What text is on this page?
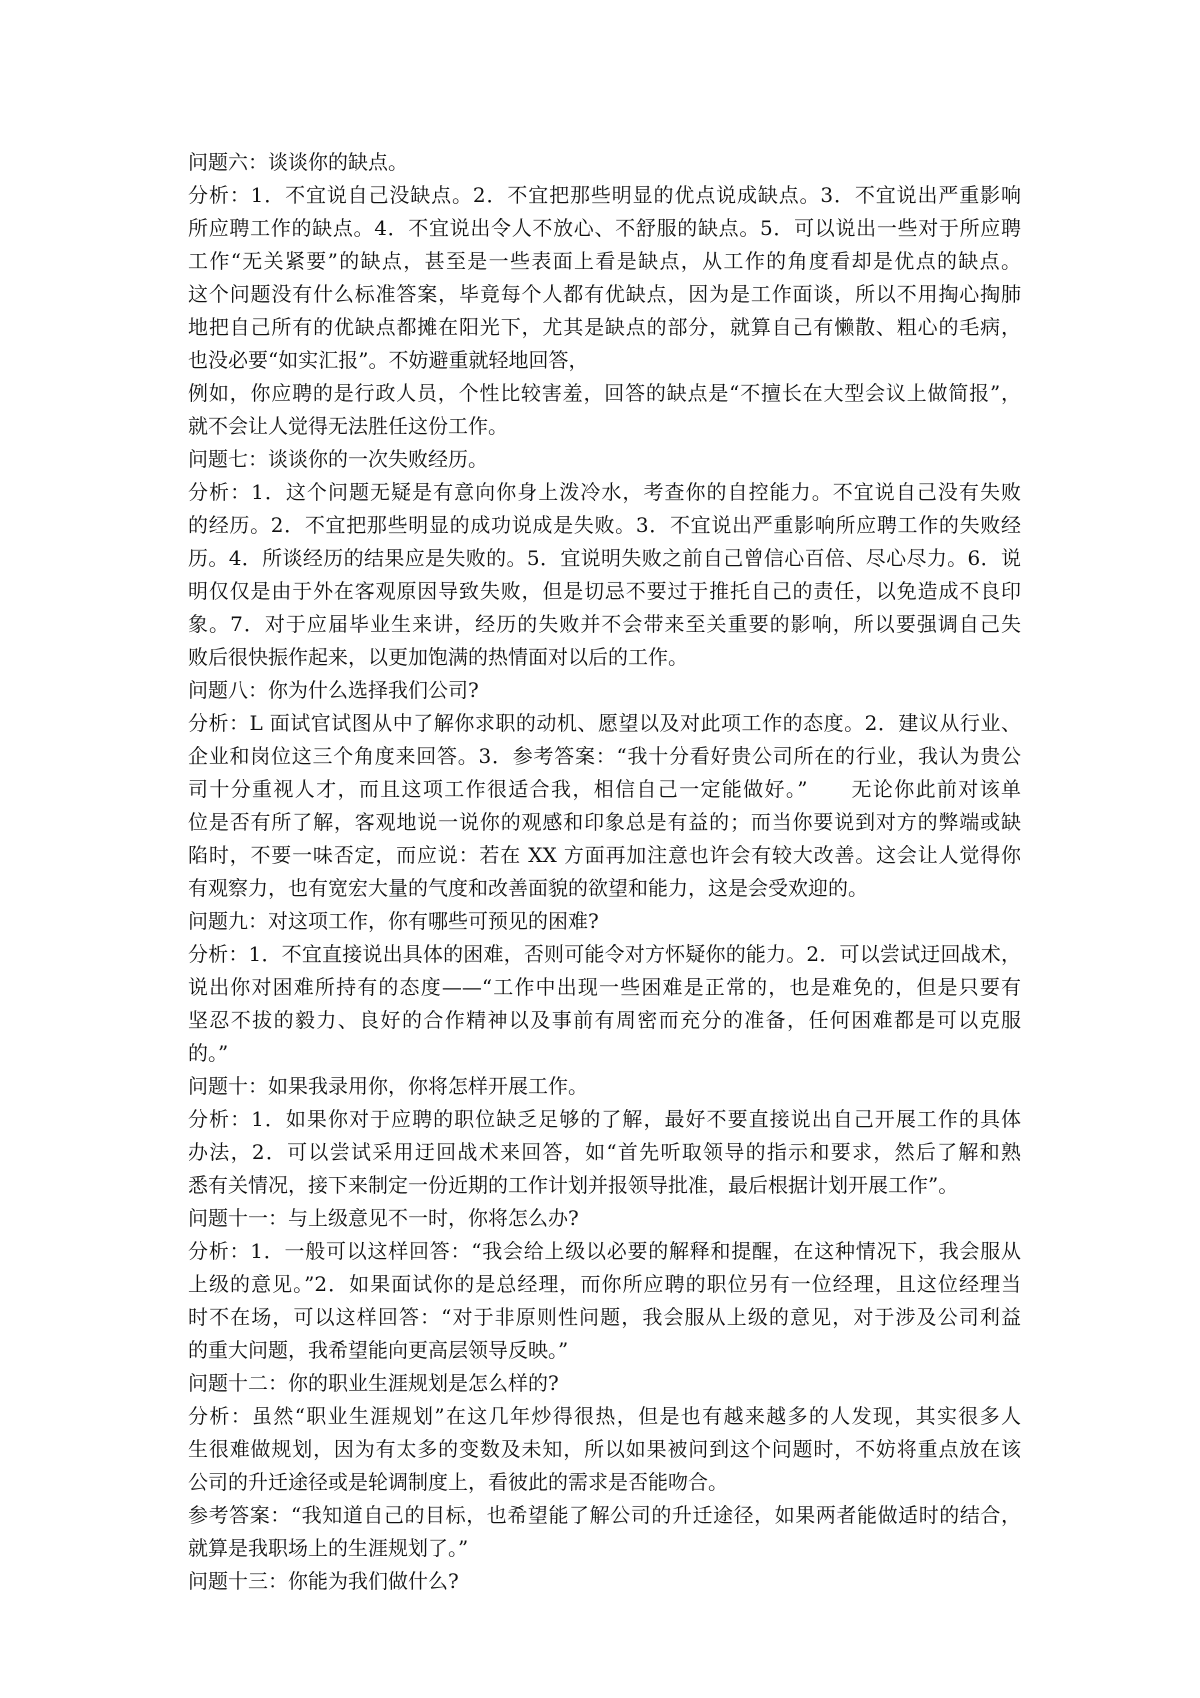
问题六：谈谈你的缺点。
分析：1．不宜说自己没缺点。2．不宜把那些明显的优点说成缺点。3．不宜说出严重影响
所应聘工作的缺点。4．不宜说出令人不放心、不舒服的缺点。5．可以说出一些对于所应聘
工作“无关紧要”的缺点，甚至是一些表面上看是缺点，从工作的角度看却是优点的缺点。
这个问题没有什么标准答案，毕竟每个人都有优缺点，因为是工作面谈，所以不用掏心掏肺
地把自己所有的优缺点都摊在阳光下，尤其是缺点的部分，就算自己有懒散、粗心的毛病，
也没必要“如实汇报”。不妨避重就轻地回答，
例如，你应聘的是行政人员，个性比较害羞，回答的缺点是“不擅长在大型会议上做简报”，
就不会让人觉得无法胜任这份工作。
问题七：谈谈你的一次失败经历。
分析：1．这个问题无疑是有意向你身上泼冷水，考查你的自控能力。不宜说自己没有失败
的经历。2．不宜把那些明显的成功说成是失败。3．不宜说出严重影响所应聘工作的失败经
历。4．所谈经历的结果应是失败的。5．宜说明失败之前自己曾信心百倍、尽心尽力。6．说
明仅仅是由于外在客观原因导致失败，但是切忌不要过于推托自己的责任，以免造成不良印
象。7．对于应届毕业生来讲，经历的失败并不会带来至关重要的影响，所以要强调自己失
败后很快振作起来，以更加饱满的热情面对以后的工作。
问题八：你为什么选择我们公司?
分析：L 面试官试图从中了解你求职的动机、愿望以及对此项工作的态度。2．建议从行业、
企业和岗位这三个角度来回答。3．参考答案：“我十分看好贵公司所在的行业，我认为贵公
司十分重视人才，而且这项工作很适合我，相信自己一定能做好。”　　无论你此前对该单
位是否有所了解，客观地说一说你的观感和印象总是有益的；而当你要说到对方的弊端或缺
陷时，不要一味否定，而应说：若在 XX 方面再加注意也许会有较大改善。这会让人觉得你
有观察力，也有宽宏大量的气度和改善面貌的欲望和能力，这是会受欢迎的。
问题九：对这项工作，你有哪些可预见的困难?
分析：1．不宜直接说出具体的困难，否则可能令对方怀疑你的能力。2．可以尝试迂回战术，
说出你对困难所持有的态度——“工作中出现一些困难是正常的，也是难免的，但是只要有
坚忍不拔的毅力、良好的合作精神以及事前有周密而充分的准备，任何困难都是可以克服
的。”
问题十：如果我录用你，你将怎样开展工作。
分析：1．如果你对于应聘的职位缺乏足够的了解，最好不要直接说出自己开展工作的具体
办法，2．可以尝试采用迂回战术来回答，如“首先听取领导的指示和要求，然后了解和熟
悉有关情况，接下来制定一份近期的工作计划并报领导批准，最后根据计划开展工作”。
问题十一：与上级意见不一时，你将怎么办?
分析：1．一般可以这样回答：“我会给上级以必要的解释和提醒，在这种情况下，我会服从
上级的意见。”2．如果面试你的是总经理，而你所应聘的职位另有一位经理，且这位经理当
时不在场，可以这样回答：“对于非原则性问题，我会服从上级的意见，对于涉及公司利益
的重大问题，我希望能向更高层领导反映。”
问题十二：你的职业生涯规划是怎么样的?
分析：虽然“职业生涯规划”在这几年炒得很热，但是也有越来越多的人发现，其实很多人
生很难做规划，因为有太多的变数及未知，所以如果被问到这个问题时，不妨将重点放在该
公司的升迁途径或是轮调制度上，看彼此的需求是否能吻合。
参考答案：“我知道自己的目标，也希望能了解公司的升迁途径，如果两者能做适时的结合，
就算是我职场上的生涯规划了。”
问题十三：你能为我们做什么?
